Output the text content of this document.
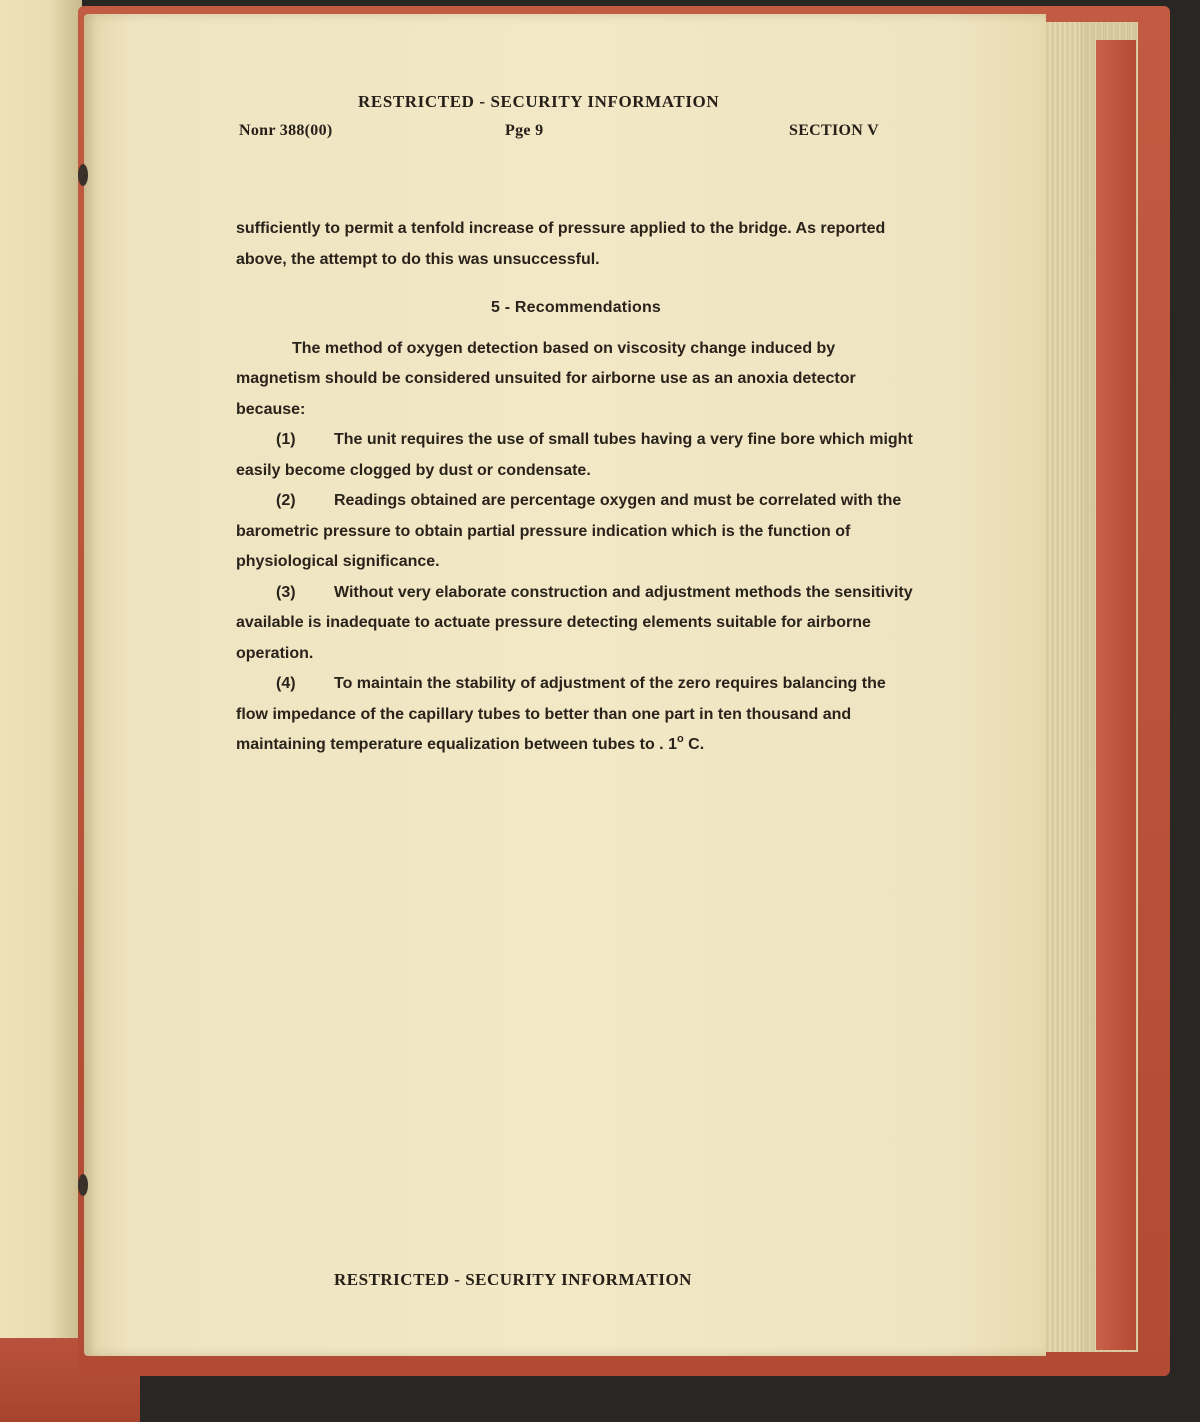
RESTRICTED - SECURITY INFORMATION
Nonr 388(00)	Pge 9	SECTION V

sufficiently to permit a tenfold increase of pressure applied to the bridge. As reported above, the attempt to do this was unsuccessful.

5 - Recommendations

The method of oxygen detection based on viscosity change induced by magnetism should be considered unsuited for airborne use as an anoxia detector because:

(1) The unit requires the use of small tubes having a very fine bore which might easily become clogged by dust or condensate.

(2) Readings obtained are percentage oxygen and must be correlated with the barometric pressure to obtain partial pressure indication which is the function of physiological significance.

(3) Without very elaborate construction and adjustment methods the sensitivity available is inadequate to actuate pressure detecting elements suitable for airborne operation.

(4) To maintain the stability of adjustment of the zero requires balancing the flow impedance of the capillary tubes to better than one part in ten thousand and maintaining temperature equalization between tubes to . 1$^o$ C.

RESTRICTED - SECURITY INFORMATION
